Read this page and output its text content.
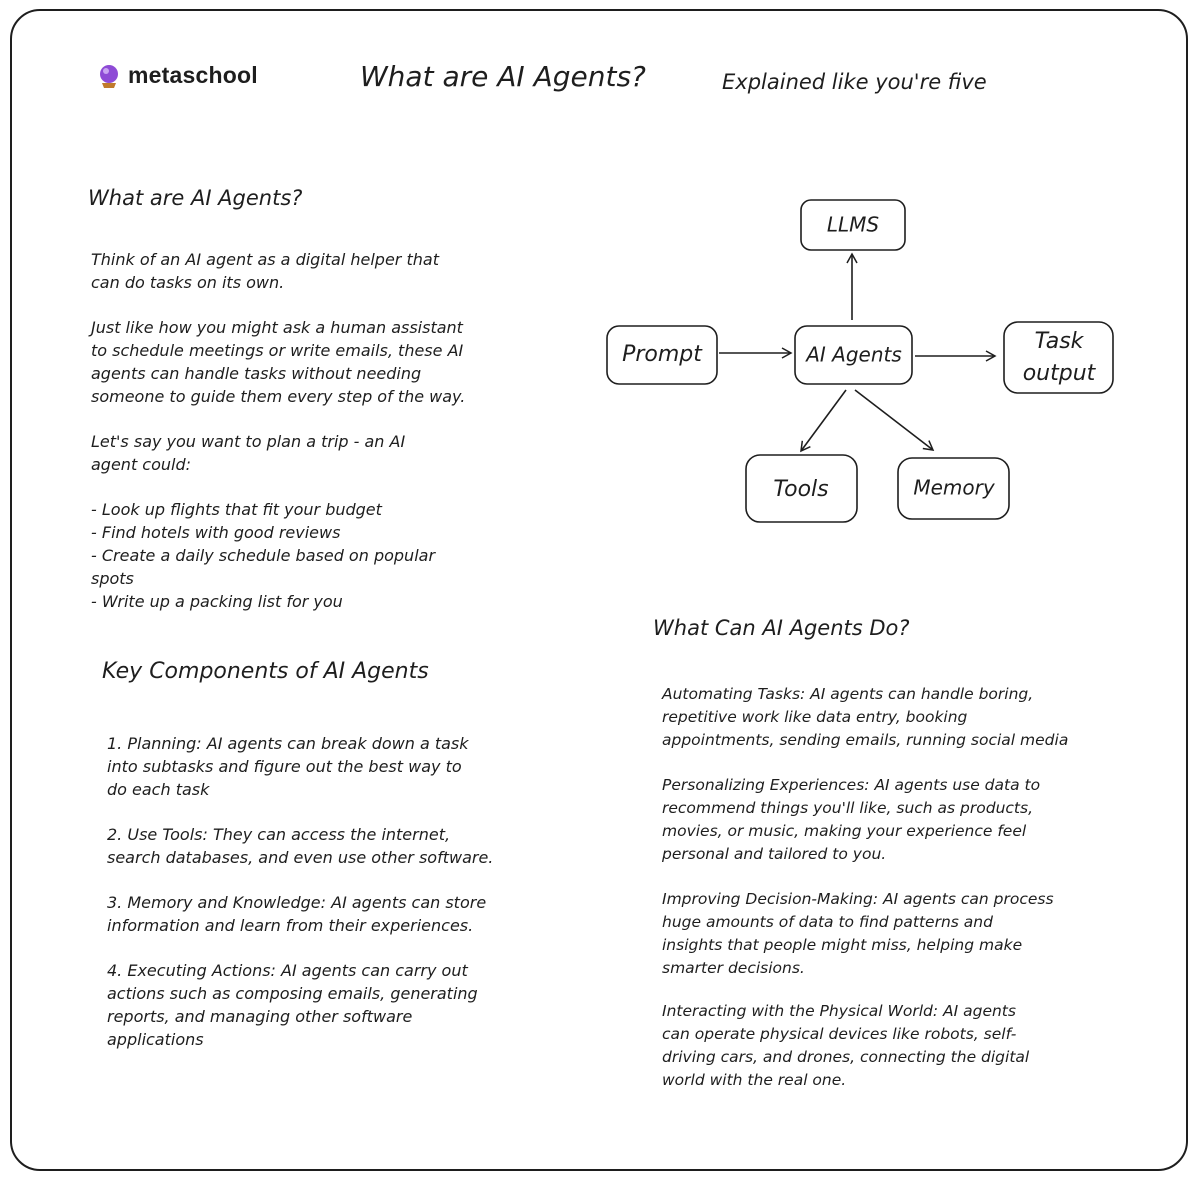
metaschool	What are AI Agents?	Explained like you're five
What are AI Agents?
Think of an AI agent as a digital helper that
can do tasks on its own.
Just like how you might ask a human assistant
to schedule meetings or write emails, these AI
agents can handle tasks without needing
someone to guide them every step of the way.
Let's say you want to plan a trip - an AI
agent could:
- Look up flights that fit your budget
- Find hotels with good reviews
- Create a daily schedule based on popular
spots
- Write up a packing list for you
LLMS
Prompt	AI Agents
Task
output
Tools	Memory
Key Components of AI Agents
1. Planning: AI agents can break down a task
into subtasks and figure out the best way to
do each task
2. Use Tools: They can access the internet,
search databases, and even use other software.
3. Memory and Knowledge: AI agents can store
information and learn from their experiences.
4. Executing Actions: AI agents can carry out
actions such as composing emails, generating
reports, and managing other software
applications
What Can AI Agents Do?
Automating Tasks: AI agents can handle boring,
repetitive work like data entry, booking
appointments, sending emails, running social media
Personalizing Experiences: AI agents use data to
recommend things you'll like, such as products,
movies, or music, making your experience feel
personal and tailored to you.
Improving Decision-Making: AI agents can process
huge amounts of data to find patterns and
insights that people might miss, helping make
smarter decisions.
Interacting with the Physical World: AI agents
can operate physical devices like robots, self-
driving cars, and drones, connecting the digital
world with the real one.
